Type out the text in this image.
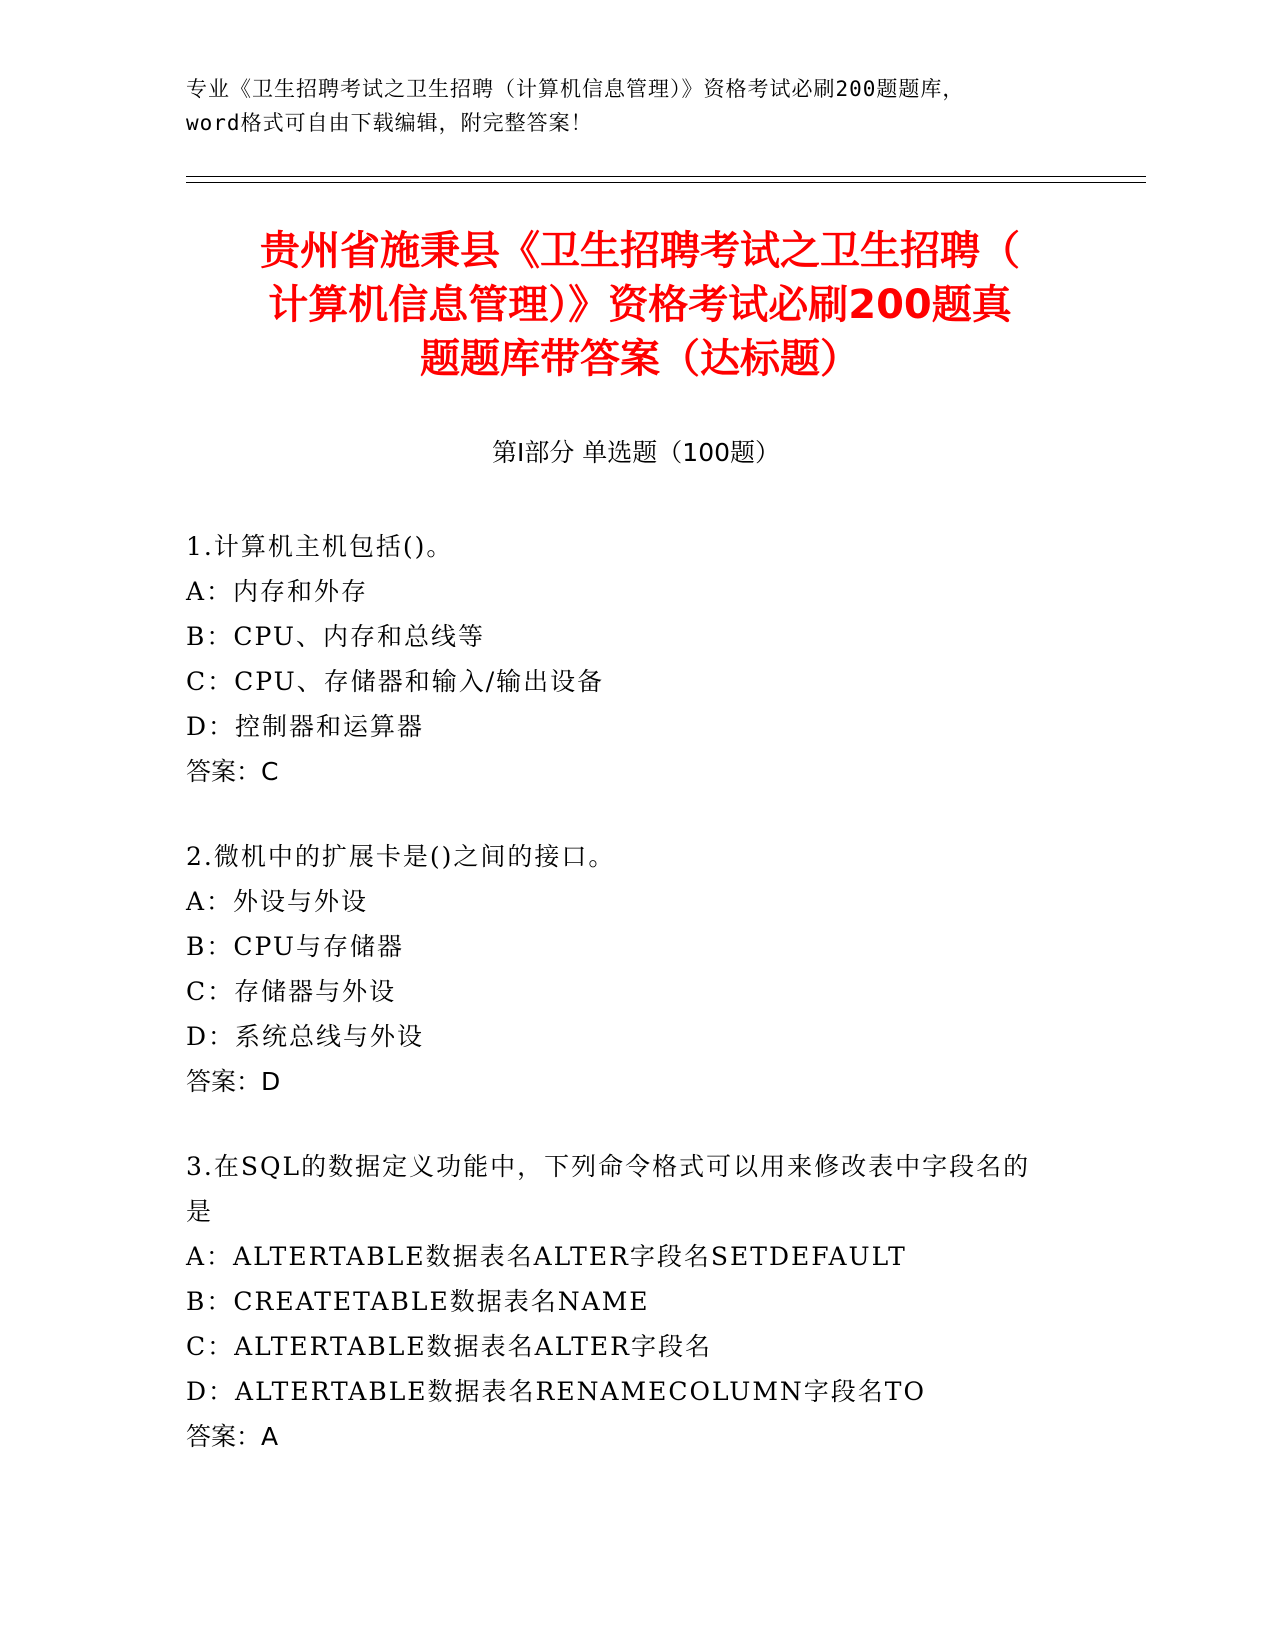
专业《卫生招聘考试之卫生招聘（计算机信息管理）》资格考试必刷200题题库，
word格式可自由下载编辑，附完整答案！
贵州省施秉县《卫生招聘考试之卫生招聘（
计算机信息管理）》资格考试必刷200题真
题题库带答案（达标题）
第Ⅰ部分 单选题（100题）
1.计算机主机包括()。
A：内存和外存
B：CPU、内存和总线等
C：CPU、存储器和输入/输出设备
D：控制器和运算器
答案：C
2.微机中的扩展卡是()之间的接口。
A：外设与外设
B：CPU与存储器
C：存储器与外设
D：系统总线与外设
答案：D
3.在SQL的数据定义功能中，下列命令格式可以用来修改表中字段名的是
A：ALTERTABLE数据表名ALTER字段名SETDEFAULT
B：CREATETABLE数据表名NAME
C：ALTERTABLE数据表名ALTER字段名
D：ALTERTABLE数据表名RENAMECOLUMN字段名TO
答案：A
